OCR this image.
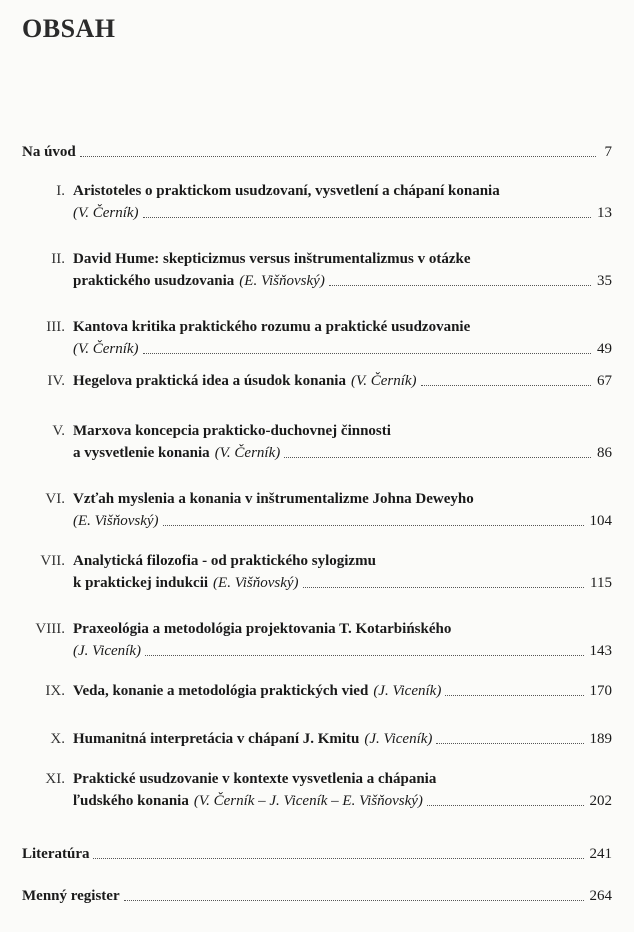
OBSAH
Na úvod	7
I. Aristoteles o praktickom usudzovaní, vysvetlení a chápaní konania
(V. Černík)	13
II. David Hume: skepticizmus versus inštrumentalizmus v otázke
praktického usudzovania (E. Višňovský)	35
III. Kantova kritika praktického rozumu a praktické usudzovanie
(V. Černík)	49
IV. Hegelova praktická idea a úsudok konania (V. Černík)	67
V. Marxova koncepcia prakticko-duchovnej činnosti
a vysvetlenie konania (V. Černík)	86
VI. Vzťah myslenia a konania v inštrumentalizme Johna Deweyho
(E. Višňovský)	104
VII. Analytická filozofia - od praktického sylogizmu
k praktickej indukcii (E. Višňovský)	115
VIII. Praxeológia a metodológia projektovania T. Kotarbińského
(J. Viceník)	143
IX. Veda, konanie a metodológia praktických vied (J. Viceník)	170
X. Humanitná interpretácia v chápaní J. Kmitu (J. Viceník)	189
XI. Praktické usudzovanie v kontexte vysvetlenia a chápania
ľudského konania (V. Černík – J. Viceník – E. Višňovský)	202
Literatúra	241
Menný register	264
